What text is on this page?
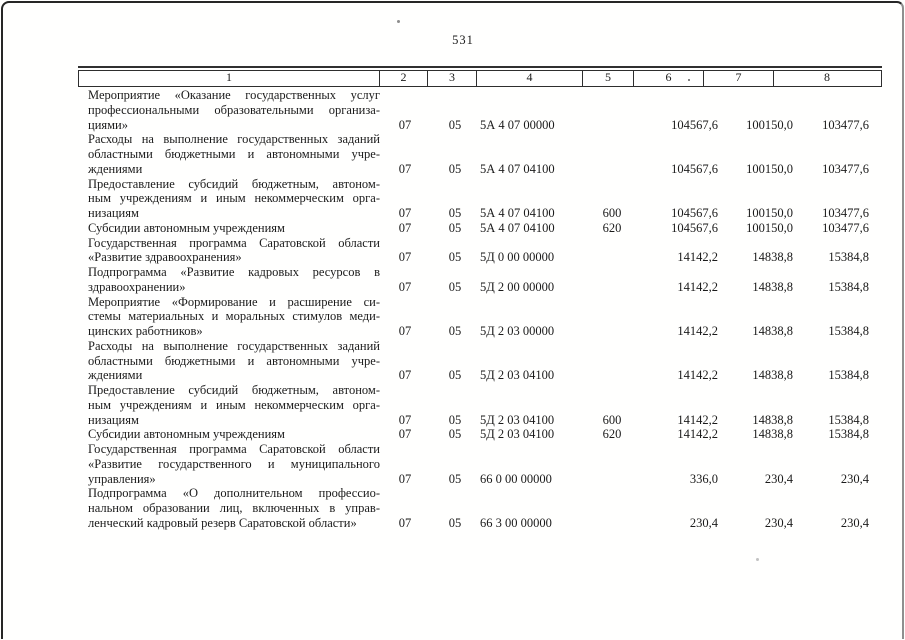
531
1	2	3	4	5	6	7	8
Мероприятие «Оказание государственных услуг
профессиональными образовательными организа-
циями»	07	05	5А 4 07 00000		104567,6	100150,0	103477,6

Расходы на выполнение государственных заданий
областными бюджетными и автономными учре-
ждениями	07	05	5А 4 07 04100		104567,6	100150,0	103477,6

Предоставление субсидий бюджетным, автоном-
ным учреждениям и иным некоммерческим орга-
низациям	07	05	5А 4 07 04100	600	104567,6	100150,0	103477,6

Субсидии автономным учреждениям	07	05	5А 4 07 04100	620	104567,6	100150,0	103477,6

Государственная программа Саратовской области
«Развитие здравоохранения»	07	05	5Д 0 00 00000		14142,2	14838,8	15384,8

Подпрограмма «Развитие кадровых ресурсов в
здравоохранении»	07	05	5Д 2 00 00000		14142,2	14838,8	15384,8

Мероприятие «Формирование и расширение си-
стемы материальных и моральных стимулов меди-
цинских работников»	07	05	5Д 2 03 00000		14142,2	14838,8	15384,8

Расходы на выполнение государственных заданий
областными бюджетными и автономными учре-
ждениями	07	05	5Д 2 03 04100		14142,2	14838,8	15384,8

Предоставление субсидий бюджетным, автоном-
ным учреждениям и иным некоммерческим орга-
низациям	07	05	5Д 2 03 04100	600	14142,2	14838,8	15384,8

Субсидии автономным учреждениям	07	05	5Д 2 03 04100	620	14142,2	14838,8	15384,8

Государственная программа Саратовской области
«Развитие государственного и муниципального
управления»	07	05	66 0 00 00000		336,0	230,4	230,4

Подпрограмма «О дополнительном профессио-
нальном образовании лиц, включенных в управ-
ленческий кадровый резерв Саратовской области»	07	05	66 3 00 00000		230,4	230,4	230,4
